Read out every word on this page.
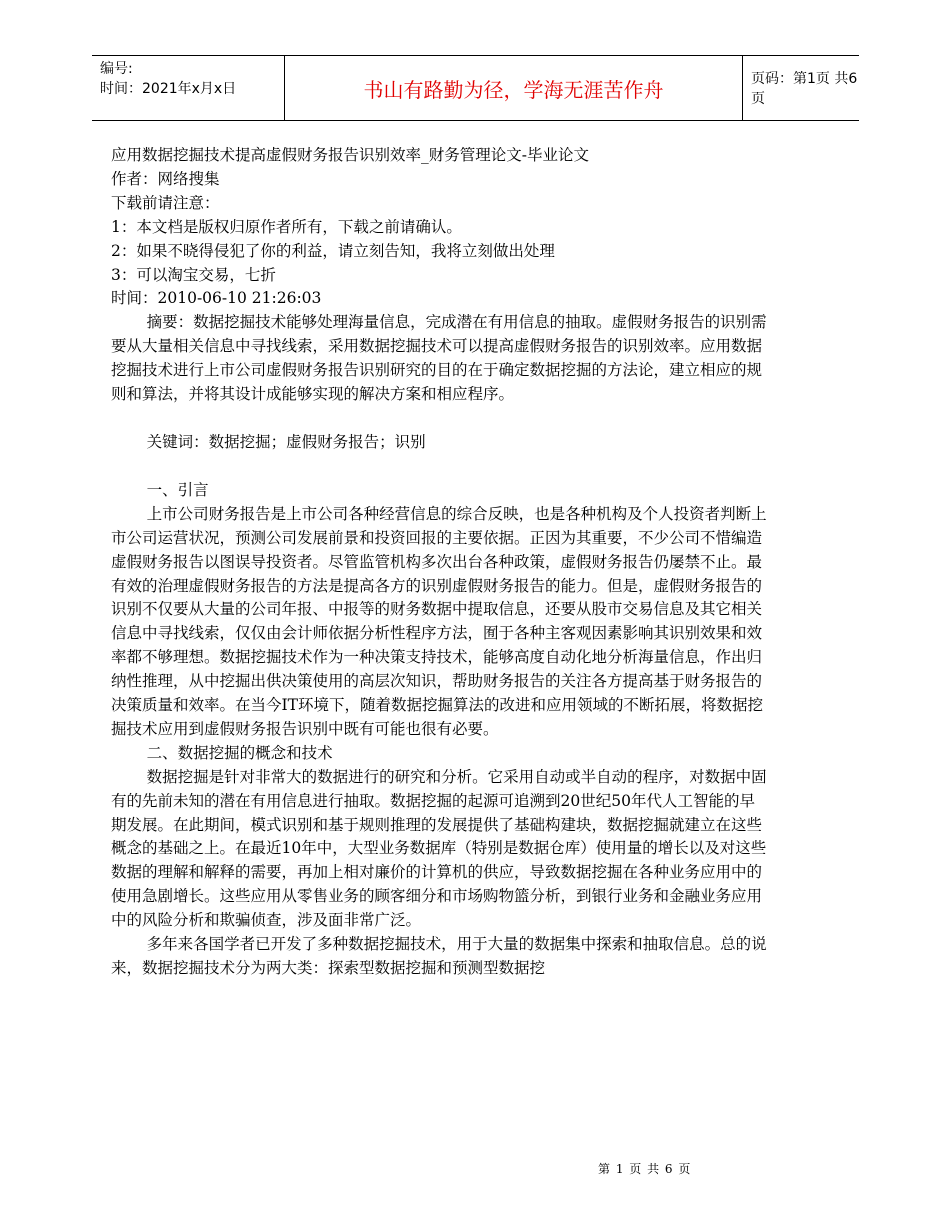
编号:
时间：2021年x月x日	书山有路勤为径，学海无涯苦作舟	页码：第1页 共6页

应用数据挖掘技术提高虚假财务报告识别效率_财务管理论文-毕业论文

作者：网络搜集

下载前请注意：

1：本文档是版权归原作者所有，下载之前请确认。

2：如果不晓得侵犯了你的利益，请立刻告知，我将立刻做出处理

3：可以淘宝交易，七折

时间：2010-06-10 21:26:03

摘要：数据挖掘技术能够处理海量信息，完成潜在有用信息的抽取。虚假财务报告的识别需要从大量相关信息中寻找线索，采用数据挖掘技术可以提高虚假财务报告的识别效率。应用数据挖掘技术进行上市公司虚假财务报告识别研究的目的在于确定数据挖掘的方法论，建立相应的规则和算法，并将其设计成能够实现的解决方案和相应程序。

关键词：数据挖掘；虚假财务报告；识别

一、引言

上市公司财务报告是上市公司各种经营信息的综合反映，也是各种机构及个人投资者判断上市公司运营状况，预测公司发展前景和投资回报的主要依据。正因为其重要，不少公司不惜编造虚假财务报告以图误导投资者。尽管监管机构多次出台各种政策，虚假财务报告仍屡禁不止。最有效的治理虚假财务报告的方法是提高各方的识别虚假财务报告的能力。但是，虚假财务报告的识别不仅要从大量的公司年报、中报等的财务数据中提取信息，还要从股市交易信息及其它相关信息中寻找线索，仅仅由会计师依据分析性程序方法，囿于各种主客观因素影响其识别效果和效率都不够理想。数据挖掘技术作为一种决策支持技术，能够高度自动化地分析海量信息，作出归纳性推理，从中挖掘出供决策使用的高层次知识，帮助财务报告的关注各方提高基于财务报告的决策质量和效率。在当今IT环境下，随着数据挖掘算法的改进和应用领域的不断拓展，将数据挖掘技术应用到虚假财务报告识别中既有可能也很有必要。

二、数据挖掘的概念和技术

数据挖掘是针对非常大的数据进行的研究和分析。它采用自动或半自动的程序，对数据中固有的先前未知的潜在有用信息进行抽取。数据挖掘的起源可追溯到20世纪50年代人工智能的早期发展。在此期间，模式识别和基于规则推理的发展提供了基础构建块，数据挖掘就建立在这些概念的基础之上。在最近10年中，大型业务数据库（特别是数据仓库）使用量的增长以及对这些数据的理解和解释的需要，再加上相对廉价的计算机的供应，导致数据挖掘在各种业务应用中的使用急剧增长。这些应用从零售业务的顾客细分和市场购物篮分析，到银行业务和金融业务应用中的风险分析和欺骗侦查，涉及面非常广泛。

多年来各国学者已开发了多种数据挖掘技术，用于大量的数据集中探索和抽取信息。总的说来，数据挖掘技术分为两大类：探索型数据挖掘和预测型数据挖

第 1 页 共 6 页
